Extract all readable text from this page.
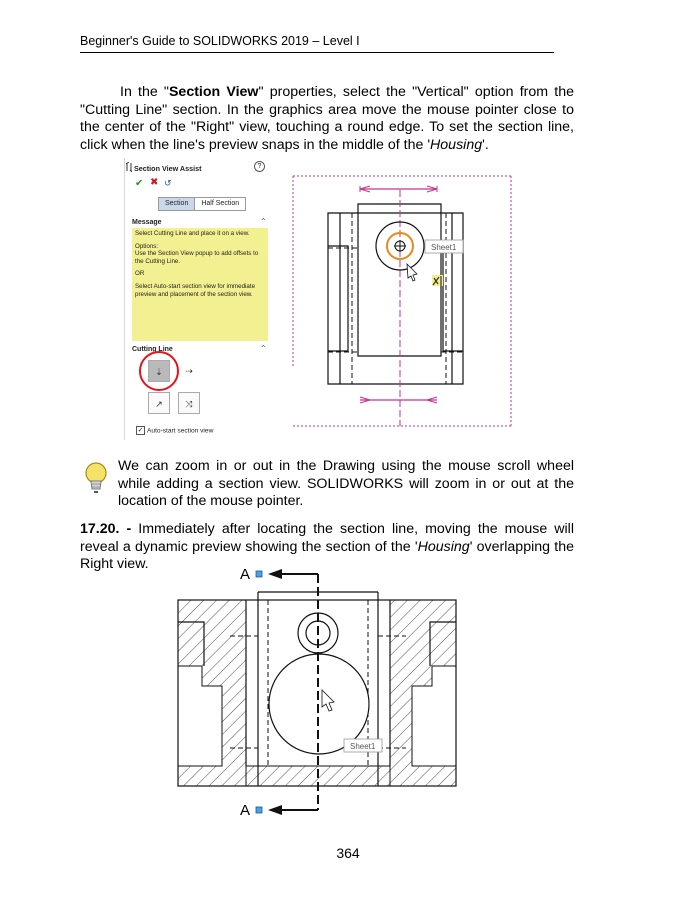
Beginner's Guide to SOLIDWORKS 2019 – Level I
In the "Section View" properties, select the "Vertical" option from the "Cutting Line" section. In the graphics area move the mouse pointer close to the center of the "Right" view, touching a round edge. To set the section line, click when the line's preview snaps in the middle of the 'Housing'.
Section View Assist	?
✔ ✖ ↺
Section	Half Section
Message	⌃
Select Cutting Line and place it on a view.
Options:
Use the Section View popup to add offsets to the Cutting Line.
OR
Select Auto-start section view for immediate preview and placement of the section view.
Cutting Line	⌃
⇣	⇢
↗	⤨
✓ Auto-start section view
Sheet1
We can zoom in or out in the Drawing using the mouse scroll wheel while adding a section view. SOLIDWORKS will zoom in or out at the location of the mouse pointer.
17.20. - Immediately after locating the section line, moving the mouse will reveal a dynamic preview showing the section of the 'Housing' overlapping the Right view.
A
A
Sheet1
364
